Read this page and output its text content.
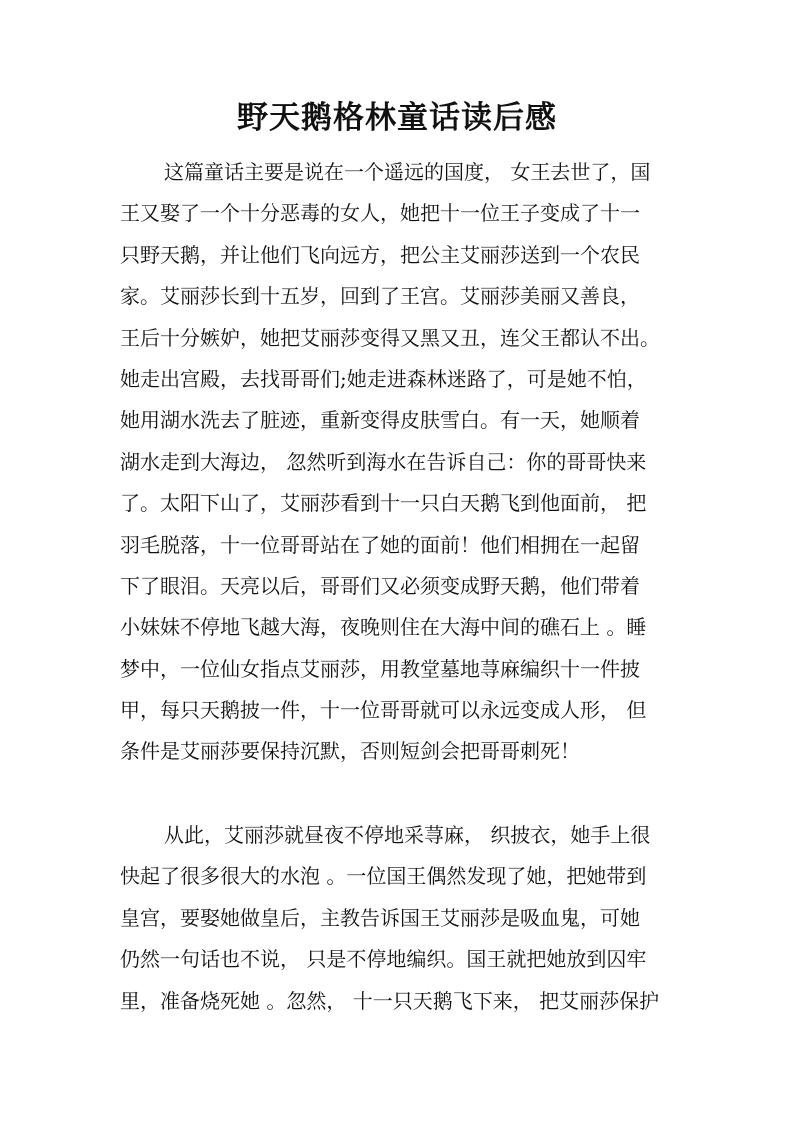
野天鹅格林童话读后感
这篇童话主要是说在一个遥远的国度， 女王去世了，国
王又娶了一个十分恶毒的女人，她把十一位王子变成了十一
只野天鹅，并让他们飞向远方，把公主艾丽莎送到一个农民
家。艾丽莎长到十五岁，回到了王宫。艾丽莎美丽又善良，
王后十分嫉妒，她把艾丽莎变得又黑又丑，连父王都认不出。
她走出宫殿，去找哥哥们;她走进森林迷路了，可是她不怕，
她用湖水洗去了脏迹，重新变得皮肤雪白。有一天，她顺着
湖水走到大海边， 忽然听到海水在告诉自己：你的哥哥快来
了。太阳下山了，艾丽莎看到十一只白天鹅飞到他面前， 把
羽毛脱落，十一位哥哥站在了她的面前！他们相拥在一起留
下了眼泪。天亮以后，哥哥们又必须变成野天鹅，他们带着
小妹妹不停地飞越大海，夜晚则住在大海中间的礁石上 。睡
梦中，一位仙女指点艾丽莎，用教堂墓地荨麻编织十一件披
甲，每只天鹅披一件，十一位哥哥就可以永远变成人形， 但
条件是艾丽莎要保持沉默，否则短剑会把哥哥刺死！
从此，艾丽莎就昼夜不停地采荨麻， 织披衣，她手上很
快起了很多很大的水泡 。一位国王偶然发现了她，把她带到
皇宫，要娶她做皇后，主教告诉国王艾丽莎是吸血鬼，可她
仍然一句话也不说， 只是不停地编织。国王就把她放到囚牢
里，准备烧死她 。忽然， 十一只天鹅飞下来， 把艾丽莎保护
